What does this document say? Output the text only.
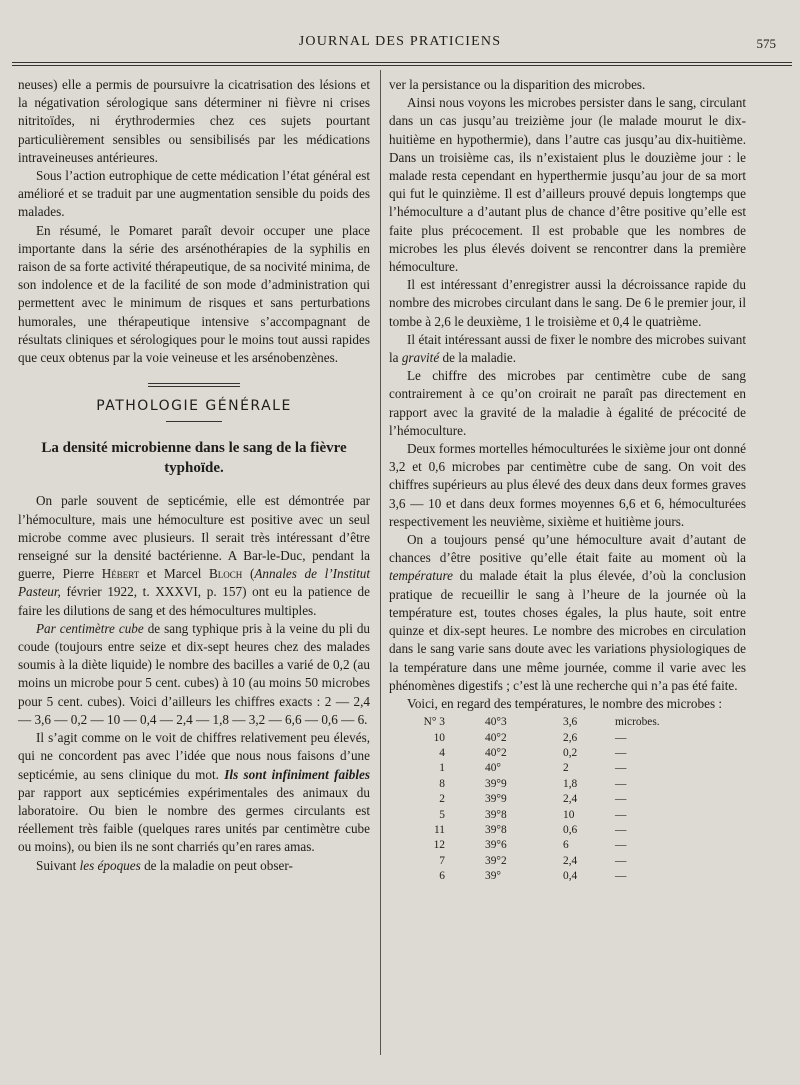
JOURNAL DES PRATICIENS	575

neuses) elle a permis de poursuivre la cicatrisation des lésions et la négativation sérologique sans déterminer ni fièvre ni crises nitritoïdes, ni érythrodermies chez ces sujets pourtant particulièrement sensibles ou sensibilisés par les médications intraveineuses antérieures.

Sous l’action eutrophique de cette médication l’état général est amélioré et se traduit par une augmentation sensible du poids des malades.

En résumé, le Pomaret paraît devoir occuper une place importante dans la série des arsénothérapies de la syphilis en raison de sa forte activité thérapeutique, de sa nocivité minima, de son indolence et de la facilité de son mode d’administration qui permettent avec le minimum de risques et sans perturbations humorales, une thérapeutique intensive s’accompagnant de résultats cliniques et sérologiques pour le moins tout aussi rapides que ceux obtenus par la voie veineuse et les arsénobenzènes.

PATHOLOGIE GÉNÉRALE
La densité microbienne dans le sang de la fièvre typhoïde.

On parle souvent de septicémie, elle est démontrée par l’hémoculture, mais une hémoculture est positive avec un seul microbe comme avec plusieurs. Il serait très intéressant d’être renseigné sur la densité bactérienne. A Bar-le-Duc, pendant la guerre, Pierre Hébert et Marcel Bloch (Annales de l’Institut Pasteur, février 1922, t. XXXVI, p. 157) ont eu la patience de faire les dilutions de sang et des hémocultures multiples.

Par centimètre cube de sang typhique pris à la veine du pli du coude (toujours entre seize et dix-sept heures chez des malades soumis à la diète liquide) le nombre des bacilles a varié de 0,2 (au moins un microbe pour 5 cent. cubes) à 10 (au moins 50 microbes pour 5 cent. cubes). Voici d’ailleurs les chiffres exacts : 2 — 2,4 — 3,6 — 0,2 — 10 — 0,4 — 2,4 — 1,8 — 3,2 — 6,6 — 0,6 — 6.

Il s’agit comme on le voit de chiffres relativement peu élevés, qui ne concordent pas avec l’idée que nous nous faisons d’une septicémie, au sens clinique du mot. Ils sont infiniment faibles par rapport aux septicémies expérimentales des animaux du laboratoire. Ou bien le nombre des germes circulants est réellement très faible (quelques rares unités par centimètre cube ou moins), ou bien ils ne sont charriés qu’en rares amas.

Suivant les époques de la maladie on peut obser-

ver la persistance ou la disparition des microbes.

Ainsi nous voyons les microbes persister dans le sang, circulant dans un cas jusqu’au treizième jour (le malade mourut le dix-huitième en hypothermie), dans l’autre cas jusqu’au dix-huitième. Dans un troisième cas, ils n’existaient plus le douzième jour : le malade resta cependant en hyperthermie jusqu’au jour de sa mort qui fut le quinzième. Il est d’ailleurs prouvé depuis longtemps que l’hémoculture a d’autant plus de chance d’être positive qu’elle est faite plus précocement. Il est probable que les nombres de microbes les plus élevés doivent se rencontrer dans la première hémoculture.

Il est intéressant d’enregistrer aussi la décroissance rapide du nombre des microbes circulant dans le sang. De 6 le premier jour, il tombe à 2,6 le deuxième, 1 le troisième et 0,4 le quatrième.

Il était intéressant aussi de fixer le nombre des microbes suivant la gravité de la maladie.

Le chiffre des microbes par centimètre cube de sang contrairement à ce qu’on croirait ne paraît pas directement en rapport avec la gravité de la maladie à égalité de précocité de l’hémoculture.

Deux formes mortelles hémoculturées le sixième jour ont donné 3,2 et 0,6 microbes par centimètre cube de sang. On voit des chiffres supérieurs au plus élevé des deux dans deux formes graves 3,6 — 10 et dans deux formes moyennes 6,6 et 6, hémoculturées respectivement les neuvième, sixième et huitième jours.

On a toujours pensé qu’une hémoculture avait d’autant de chances d’être positive qu’elle était faite au moment où la température du malade était la plus élevée, d’où la conclusion pratique de recueillir le sang à l’heure de la journée où la température est, toutes choses égales, la plus haute, soit entre quinze et dix-sept heures. Le nombre des microbes en circulation dans le sang varie sans doute avec les variations physiologiques de la température dans une même journée, comme il varie avec les phénomènes digestifs ; c’est là une recherche qui n’a pas été faite.

Voici, en regard des températures, le nombre des microbes :

N° 3	40°3	3,6	microbes.
10	40°2	2,6	—
4	40°2	0,2	—
1	40°	2	—
8	39°9	1,8	—
2	39°9	2,4	—
5	39°8	10	—
11	39°8	0,6	—
12	39°6	6	—
7	39°2	2,4	—
6	39°	0,4	—
